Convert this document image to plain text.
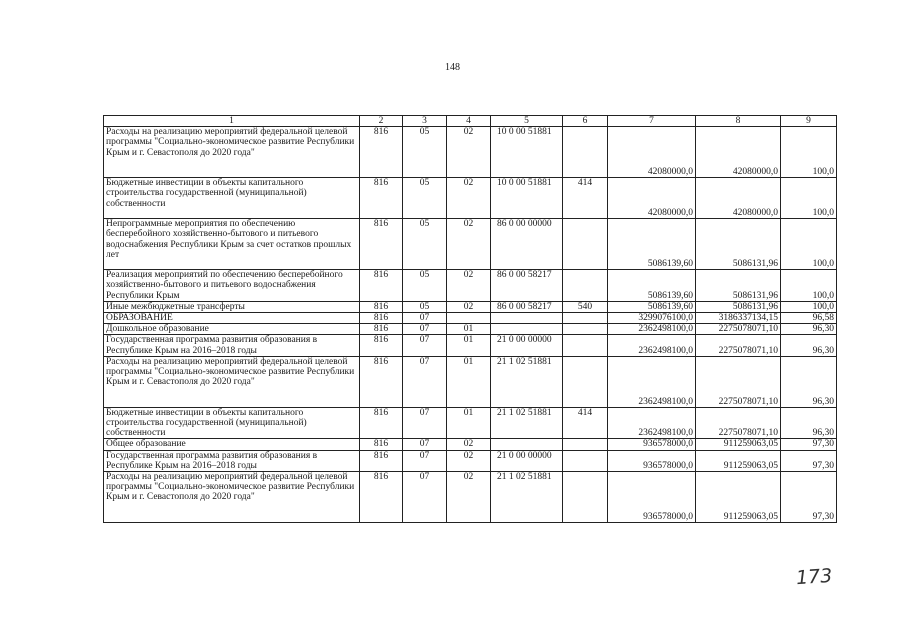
148
1	2	3	4	5	6	7	8	9
Расходы на реализацию мероприятий федеральной целевой программы "Социально-экономическое развитие Республики Крым и г. Севастополя до 2020 года"	816	05	02	10 0 00 51881		42080000,0	42080000,0	100,0
Бюджетные инвестиции в объекты капитального строительства государственной (муниципальной) собственности	816	05	02	10 0 00 51881	414	42080000,0	42080000,0	100,0
Непрограммные мероприятия по обеспечению бесперебойного хозяйственно-бытового и питьевого водоснабжения Республики Крым за счет остатков прошлых лет	816	05	02	86 0 00 00000		5086139,60	5086131,96	100,0
Реализация мероприятий по обеспечению бесперебойного хозяйственно-бытового и питьевого водоснабжения Республики Крым	816	05	02	86 0 00 58217		5086139,60	5086131,96	100,0
Иные межбюджетные трансферты	816	05	02	86 0 00 58217	540	5086139,60	5086131,96	100,0
ОБРАЗОВАНИЕ	816	07				3299076100,0	3186337134,15	96,58
Дошкольное образование	816	07	01			2362498100,0	2275078071,10	96,30
Государственная программа развития образования в Республике Крым на 2016–2018 годы	816	07	01	21 0 00 00000		2362498100,0	2275078071,10	96,30
Расходы на реализацию мероприятий федеральной целевой программы "Социально-экономическое развитие Республики Крым и г. Севастополя до 2020 года"	816	07	01	21 1 02 51881		2362498100,0	2275078071,10	96,30
Бюджетные инвестиции в объекты капитального строительства государственной (муниципальной) собственности	816	07	01	21 1 02 51881	414	2362498100,0	2275078071,10	96,30
Общее образование	816	07	02			936578000,0	911259063,05	97,30
Государственная программа развития образования в Республике Крым на 2016–2018 годы	816	07	02	21 0 00 00000		936578000,0	911259063,05	97,30
Расходы на реализацию мероприятий федеральной целевой программы "Социально-экономическое развитие Республики Крым и г. Севастополя до 2020 года"	816	07	02	21 1 02 51881		936578000,0	911259063,05	97,30
173
